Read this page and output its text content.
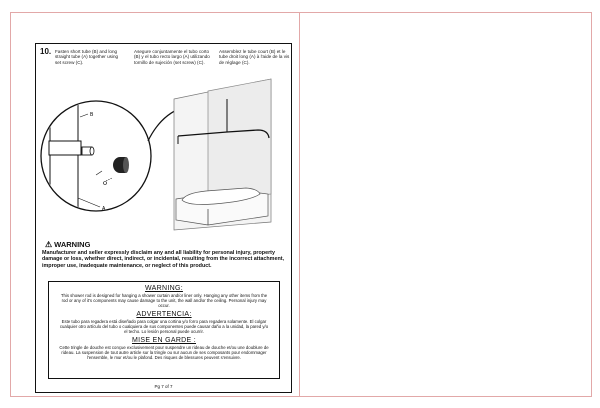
10. Fasten short tube (B) and long straight tube (A) together using set screw (C).
Asegure conjuntamente el tubo corto (B) y el tubo recto largo (A) utilizando tornillo de sujeción (set screw) (C).
Assemblez le tube court (B) et le tube droit long (A) à l'aide de la vis de réglage (C).
B
A
⚠ WARNING
Manufacturer and seller expressly disclaim any and all liability for personal injury, property damage or loss, whether direct, indirect, or incidental, resulting from the incorrect attachment, improper use, inadequate maintenance, or neglect of this product.
WARNING:
This shower rod is designed for hanging a shower curtain and/or liner only. Hanging any other items from the rod or any of it's components may cause damage to the unit, the wall and/or the ceiling. Personal injury may occur.
ADVERTENCIA:
Este tubo para regadera está diseñado para colgar una cortina y/o forro para regadera solamente. El colgar cualquier otro artículo del tubo o cualquiera de sus componentes puede causar daño a la unidad, la pared y/o el techo. Lo lesión personal puede ocurrir.
MISE EN GARDE :
Cette tringle de douche est conçue exclusivement pour suspendre un rideau de douche et/ou une doublure de rideau. La suspension de tout autre article sur la tringle ou sur aucun de ses composants pour endommager l'ensemble, le mur et/ou le plafond. Des risques de blessures peuvent s'ensuivre.
Pg 7 of 7
